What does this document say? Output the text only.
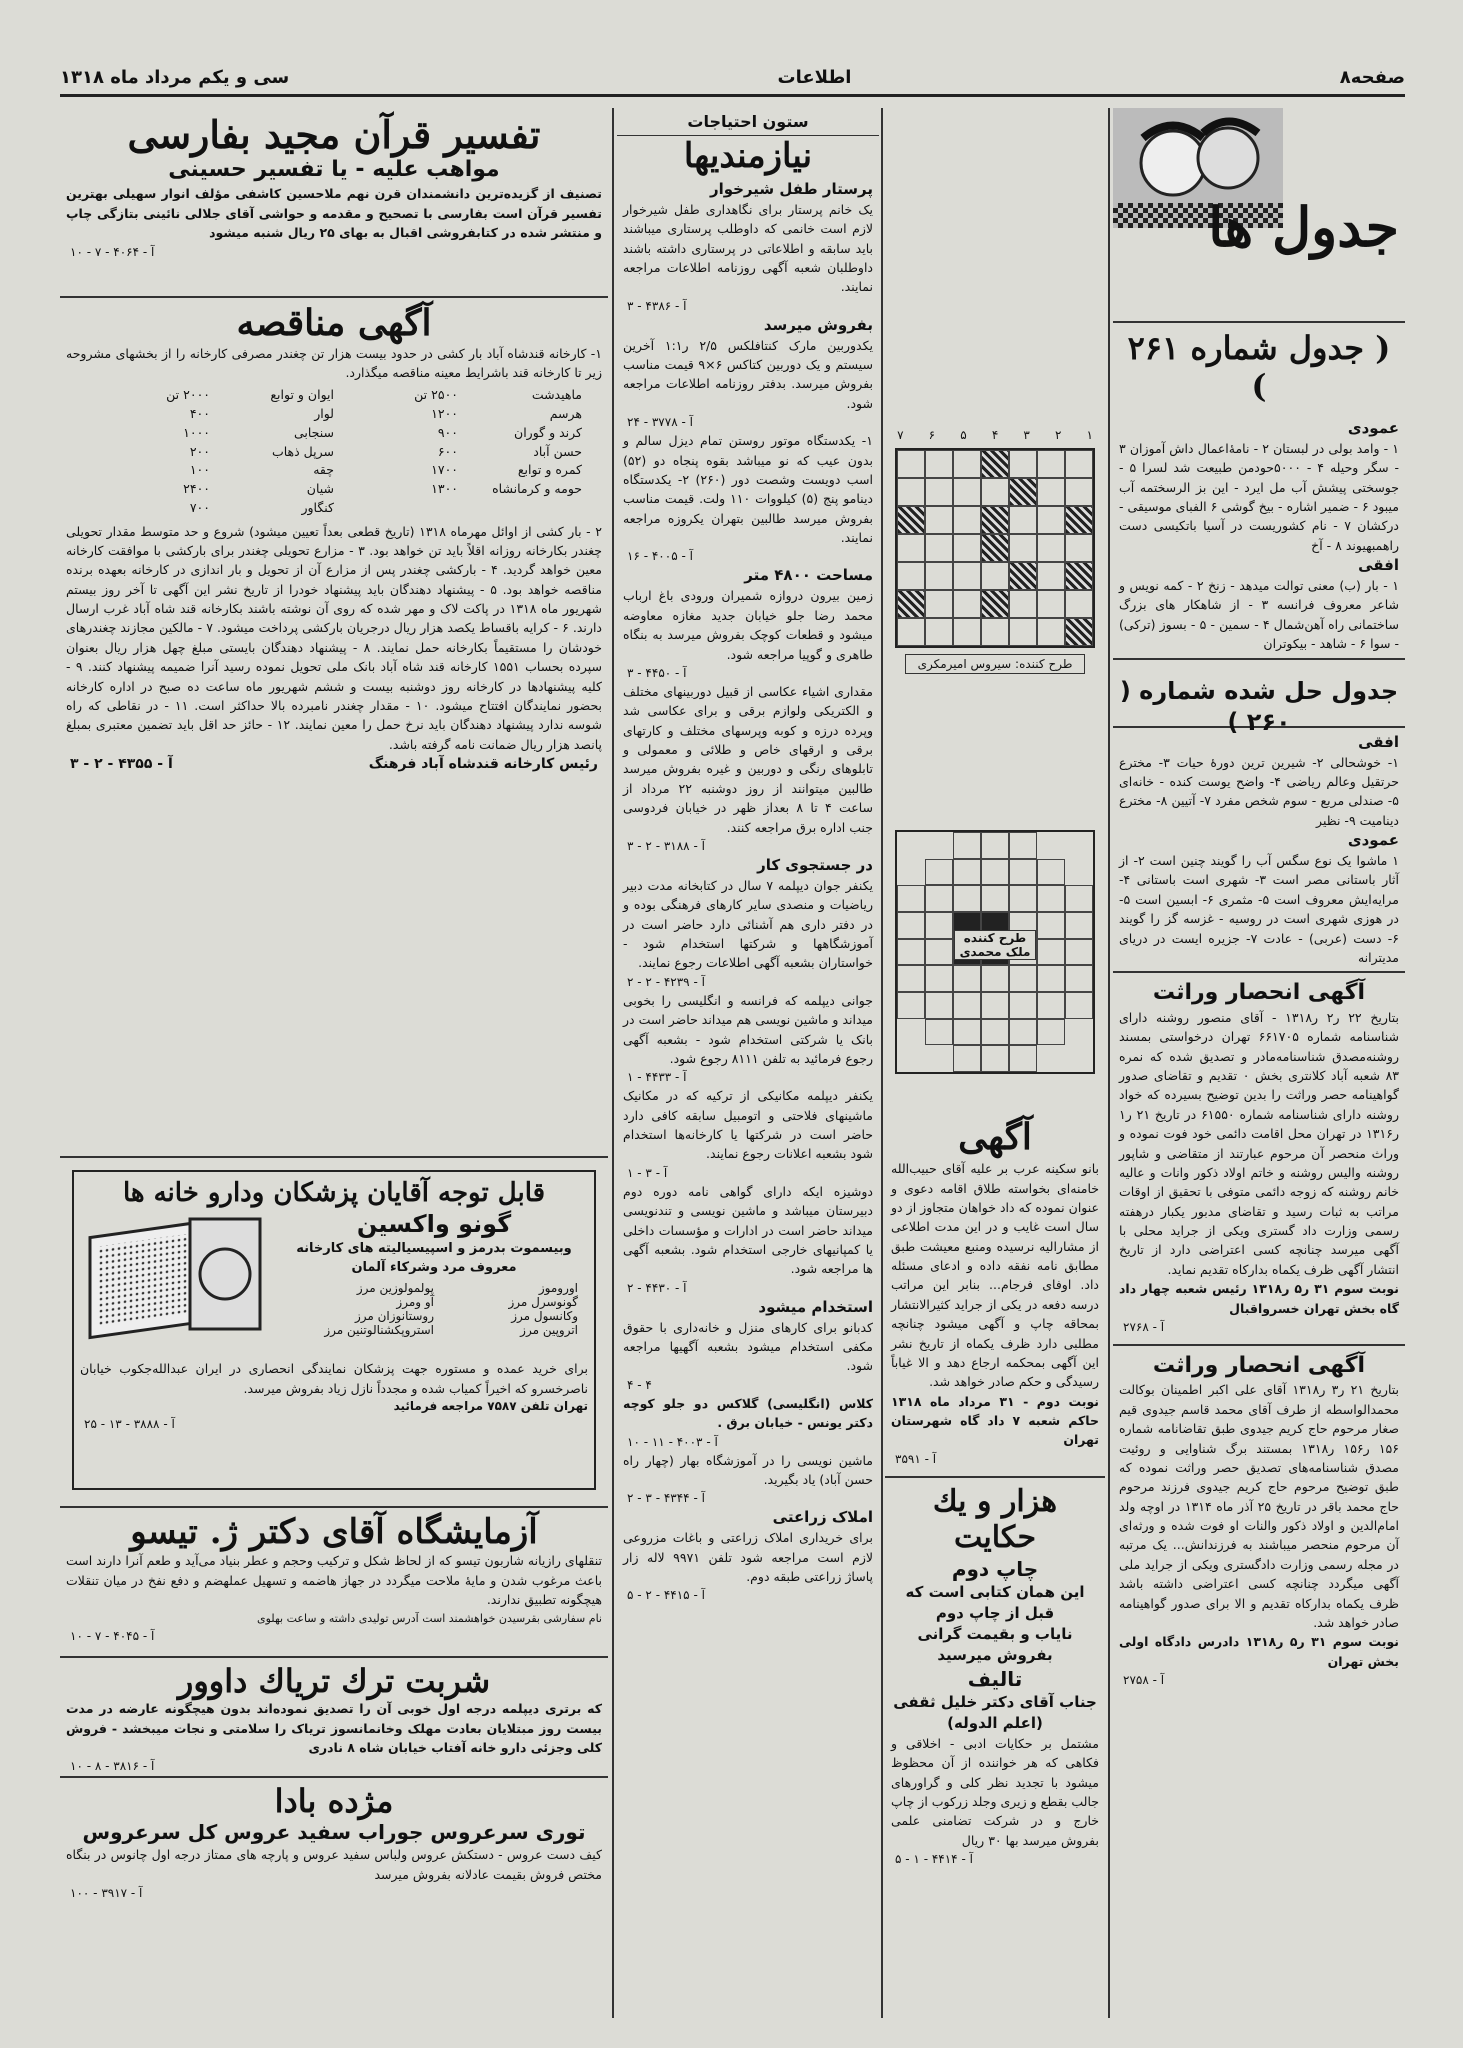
صفحه۸
اطلاعات
سی و یکم مرداد ماه ۱۳۱۸
جدول ها
( جدول شماره ۲۶۱ )
عمودی
۱ - وامد بولی در لبستان ۲ - نامۀاعمال داش آموزان ۳ - سگر وحیله ۴ - ۵۰۰۰حودمن طبیعت شد لسرا ۵ - جوسختی پیشش آب مل ایرد - این بز الرسختمه آب میبود ۶ - ضمیر اشاره - بیخ گوشی ۶ الفبای موسیقی - درکشان ۷ - نام کشوریست در آسیا باتکیسی دست راهمبهیوند ۸ - آخ
افقی
۱ - بار (ب) معنی توالت میدهد - زنخ ۲ - کمه نویس و شاعر معروف فرانسه ۳ - از شاهکار های بزرگ ساختمانی راه آهن‌شمال ۴ - سمین - ۵ - بسوز (ترکی) - سوا ۶ - شاهد - بیکوتران
جدول حل شده شماره ( ۲۶۰ )
افقی
۱- خوشحالی ۲- شیرین ترین دورۀ حیات ۳- مخترع حرتقیل وعالم ریاضی ۴- واضح یوست کنده - خانه‌ای ۵- صندلی مربع - سوم شخص مفرد ۷- آتیین ۸- مخترع دینامیت ۹- نظیر
عمودی
۱ ماشوا یک نوع سگس آب را گویند چنین است ۲- از آثار باستانی مصر است ۳- شهری است باستانی ۴- مرایه‌ایش معروف است ۵- مثمری ۶- ابسین است ۵- در هوزی شهری است در روسیه - غزسه گز را گویند ۶- دست (عربی) - عادت ۷- جزیره ایست در دریای مدیترانه
آگهی انحصار وراثت
بتاریخ ۲۲ ر۲ ر۱۳۱۸ - آقای منصور روشنه دارای شناسنامه شماره ۶۶۱۷۰۵ تهران درخواستی بمسند روشنه‌مصدق شناسنامه‌مادر و تصدیق شده که نمره ۸۳ شعبه آباد کلانتری بخش ۰ تقدیم و تقاضای صدور گواهینامه حصر وراثت را بدین توضیح بسیرده که خواد روشنه دارای شناسنامه شماره ۶۱۵۵۰ در تاریخ ۲۱ ر۱ ر۱۳۱۶ در تهران محل اقامت دائمی خود فوت نموده و وراث منحصر آن مرحوم عبارتند از متقاضی و شاپور روشنه والیس روشنه و خاتم اولاد ذکور وانات و عالیه خانم روشنه که زوجه دائمی متوفی با تحقیق از اوقات مراتب به ثبات رسید و تقاضای مدبور یکبار درهفته رسمی وزارت داد گستری ویکی از جراید محلی با آگهی میرسد چنانچه کسی اعتراضی دارد از تاریخ انتشار آگهی ظرف یکماه بدارکاه تقدیم نماید.
نوبت سوم ۳۱ ر۵ ر۱۳۱۸ رئیس شعبه چهار داد گاه بخش تهران خسرواقبال
آ - ۲۷۶۸
آگهی انحصار وراثت
بتاریخ ۲۱ ر۳ ر۱۳۱۸ آقای علی اکبر اطمینان بوکالت محمدالواسطه از طرف آقای محمد قاسم جیدوی قیم صغار مرحوم حاج کریم جیدوی طبق تقاضانامه شماره ۱۵۶ ر۱۵۶ ر۱۳۱۸ بمستند برگ شناوایی و روئیت مصدق شناسنامه‌های تصدیق حصر وراثت نموده که طبق توضیح مرحوم حاج کریم جیدوی فرزند مرحوم حاج محمد باقر در تاریخ ۲۵ آذر ماه ۱۳۱۴ در اوچه ولد امام‌الدین و اولاد ذکور والنات او فوت شده و ورثه‌ای آن مرحوم منحصر میباشند به فرزندانش... یک مرتبه در مجله رسمی وزارت دادگستری ویکی از جراید ملی آگهی میگردد چنانچه کسی اعتراضی داشته باشد ظرف یکماه بدارکاه تقدیم و الا برای صدور گواهینامه صادر خواهد شد.
نوبت سوم ۳۱ ر۵ ر۱۳۱۸ دادرس دادگاه اولی بخش تهران
آ - ۲۷۵۸
۱
۲
۳
۴
۵
۶
۷
طرح کننده: سیروس امیرمکری
طرح کننده ملک محمدی
آگهی
بانو سکینه عرب بر علیه آقای حبیب‌الله خامنه‌ای بخواسته طلاق اقامه دعوی و عنوان نموده که داد خواهان متجاوز از دو سال است غایب و در این مدت اطلاعی از مشاراليه نرسیده ومنبع معیشت طبق مطابق نامه نفقه داده و ادعای مسئله داد. اوفای فرجام... بنابر این مراتب درسه دفعه در یکی از جراید کثیرالانتشار بمحاقه چاپ و آگهی میشود چنانچه مطلبی دارد ظرف یکماه از تاریخ نشر این آگهی بمحکمه ارجاع دهد و الا غیاباً رسیدگی و حکم صادر خواهد شد.
نوبت دوم - ۳۱ مرداد ماه ۱۳۱۸ حاکم شعبه ۷ داد گاه شهرستان تهران
آ - ۳۵۹۱
هزار و یك حكایت
چاپ دوم
این همان کتابی است که قبل از چاپ دوم
نایاب و بقیمت گرانی بفروش میرسید
تالیف
جناب آقای دکتر خلیل ثقفی (اعلم الدوله)
مشتمل بر حکایات ادبی - اخلاقی و فکاهی که هر خواننده از آن محظوظ میشود با تجدید نظر کلی و گراورهای جالب بقطع و زیری وجلد زرکوب از چاپ خارج و در شرکت تضامنی علمی بفروش میرسد بها ۳۰ ریال
آ - ۴۴۱۴ - ۱ - ۵
ستون احتیاجات
نیازمندیها
پرستار طفل شیرخوار
یک خانم پرستار برای نگاهداری طفل شیرخوار لازم است خانمی که داوطلب پرستاری میباشند باید سابقه و اطلاعاتی در پرستاری داشته باشند داوطلبان شعبه آگهی روزنامه اطلاعات مراجعه نمایند.
آ - ۴۳۸۶ - ۳
بفروش میرسد
یکدوربین مارک کنتافلکس ۲/۵ ر۱:۱ آخرین سیستم و یک دوربین کتاکس ۶×۹ قیمت مناسب بفروش میرسد. بدفتر روزنامه اطلاعات مراجعه شود.
آ - ۳۷۷۸ - ۲۴
۱- یکدستگاه موتور روستن تمام دیزل سالم و بدون عیب که نو میباشد بقوه پنجاه دو (۵۲) اسب دویست وشصت دور (۲۶۰) ۲- یکدستگاه دینامو پنج (۵) کیلووات ۱۱۰ ولت. قیمت مناسب بفروش میرسد طالبین بتهران یکروزه مراجعه نمایند.
آ - ۴۰۰۵ - ۱۶
مساحت ۴۸۰۰ متر
زمین بیرون دروازه شمیران ورودی باغ ارباب محمد رضا جلو خیابان جدید مغازه معاوضه میشود و قطعات کوچک بفروش میرسد به بنگاه طاهری و گوپیا مراجعه شود.
آ - ۴۴۵۰ - ۳
مقداری اشیاء عکاسی از قبیل دوربینهای مختلف و الکتریکی ولوازم برقی و برای عکاسی شد وپرده درزه و کوبه وپرسهای مختلف و کارتهای برقی و ارقهای خاص و طلائی و معمولی و تابلوهای رنگی و دوربین و غیره بفروش میرسد طالبین میتوانند از روز دوشنبه ۲۲ مرداد از ساعت ۴ تا ۸ بعداز ظهر در خیابان فردوسی جنب اداره برق مراجعه کنند.
آ - ۳۱۸۸ - ۲ - ۳
در جستجوی کار
یکنفر جوان دیپلمه ۷ سال در کتابخانه مدت دبیر ریاضیات و منصدی سایر کارهای فرهنگی بوده و در دفتر داری هم آشنائی دارد حاضر است در آموزشگاهها و شرکتها استخدام شود - خواستاران بشعبه آگهی اطلاعات رجوع نمایند.
آ - ۴۲۳۹ - ۲ - ۲
جوانی دیپلمه که فرانسه و انگلیسی را بخوبی میداند و ماشین نویسی هم میداند حاضر است در بانک یا شرکتی استخدام شود - بشعبه آگهی رجوع فرمائید به تلفن ۸۱۱۱ رجوع شود.
آ - ۴۴۳۳ - ۱
یکنفر دیپلمه مکانیکی از ترکیه که در مکانیک ماشینهای فلاحتی و اتومبیل سابقه کافی دارد حاضر است در شرکتها یا کارخانه‌ها استخدام شود بشعبه اعلانات رجوع نمایند.
آ - ۳ - ۱
دوشیزه ایکه دارای گواهی نامه دوره دوم دبیرستان میباشد و ماشین نویسی و تندنویسی میداند حاضر است در ادارات و مؤسسات داخلی یا کمپانیهای خارجی استخدام شود. بشعبه آگهی ها مراجعه شود.
آ - ۴۴۳۰ - ۲
استخدام میشود
کدبانو برای کارهای منزل و خانه‌داری با حقوق مکفی استخدام میشود بشعبه آگهیها مراجعه شود.
۴ - ۴
کلاس (انگلیسی) گلاکس دو جلو کوچه دکتر یونس - خیابان برق .
آ - ۴۰۰۳ - ۱۱ - ۱۰
ماشین نویسی را در آموزشگاه بهار (چهار راه حسن آباد) یاد بگیرید.
آ - ۴۳۴۴ - ۳ - ۲
املاک زراعتی
برای خریداری املاک زراعتی و باغات مزروعی لازم است مراجعه شود تلفن ۹۹۷۱ لاله زار پاساژ زراعتی طبقه دوم.
آ - ۴۴۱۵ - ۲ - ۵
تفسیر قرآن مجید بفارسی
مواهب علیه - یا تفسیر حسینی
تصنیف از گزیده‌ترین دانشمندان قرن نهم ملاحسین کاشفی مؤلف انوار سهیلی بهترین تفسیر قرآن است بفارسی با تصحیح و مقدمه و حواشی آقای جلالی نائینی بتازگی چاپ و منتشر شده در کتابفروشی اقبال به بهای ۲۵ ریال شنبه میشود
آ - ۴۰۶۴ - ۷ - ۱۰
آگهی مناقصه
۱- کارخانه قندشاه آباد بار کشی در حدود بیست هزار تن چغندر مصرفی کارخانه را از بخشهای مشروحه زیر تا کارخانه قند باشرایط معینه مناقصه میگذارد.
ماهیدشت
۲۵۰۰ تن
ایوان و توابع
۲۰۰۰ تن
هرسم
۱۲۰۰
لوار
۴۰۰
کرند و گوران
۹۰۰
سنجابی
۱۰۰۰
حسن آباد
۶۰۰
سرپل ذهاب
۲۰۰
کمره و توابع
۱۷۰۰
چقه
۱۰۰
حومه و کرمانشاه
۱۳۰۰
شیان
۲۴۰۰
کنگاور
۷۰۰
۲ - بار کشی از اوائل مهرماه ۱۳۱۸ (تاریخ قطعی بعداً تعیین میشود) شروع و حد متوسط مقدار تحویلی چغندر بکارخانه روزانه اقلاً باید تن خواهد بود. ۳ - مزارع تحویلی چغندر برای بارکشی با موافقت کارخانه معین خواهد گردید. ۴ - بارکشی چغندر پس از مزارع آن از تحویل و بار اندازی در کارخانه بعهده برنده مناقصه خواهد بود. ۵ - پیشنهاد دهندگان باید پیشنهاد خودرا از تاریخ نشر این آگهی تا آخر روز بیستم شهریور ماه ۱۳۱۸ در پاکت لاک و مهر شده که روی آن نوشته باشند بکارخانه قند شاه آباد غرب ارسال دارند. ۶ - کرایه باقساط یکصد هزار ریال درجریان بارکشی پرداخت میشود. ۷ - مالکین مجازند چغندرهای خودشان را مستقیماً بکارخانه حمل نمایند. ۸ - پیشنهاد دهندگان بایستی مبلغ چهل هزار ریال بعنوان سپرده بحساب ۱۵۵۱ کارخانه قند شاه آباد بانک ملی تحویل نموده رسید آنرا ضمیمه پیشنهاد کنند. ۹ - کلیه پیشنهادها در کارخانه روز دوشنبه بیست و ششم شهریور ماه ساعت ده صبح در اداره کارخانه بحضور نمایندگان افتتاح میشود. ۱۰ - مقدار چغندر نامبرده بالا حداکثر است. ۱۱ - در نقاطی که راه شوسه ندارد پیشنهاد دهندگان باید نرخ حمل را معین نمایند. ۱۲ - حائز حد اقل باید تضمین معتبری بمبلغ پانصد هزار ریال ضمانت نامه گرفته باشد.
آ - ۴۳۵۵ - ۲ - ۳	رئیس کارخانه قندشاه آباد فرهنگ
قابل توجه آقایان پزشکان ودارو خانه ها
گونو واکسین
وبیسموت بدرمز و اسپیسیالیته های کارخانه معروف مرد وشرکاء آلمان
اوروموز
پولمولوزین مرز
گونوسرل مرز
آو ومرز
وکانسول مرز
روستانوزان مرز
اتروپین مرز
استروپکشنالوتنین مرز
برای خرید عمده و مستوره جهت پزشکان نمایندگی انحصاری در ایران عبدالله‌جکوب خیابان ناصرخسرو که اخیراً کمیاب شده و مجدداً نازل زیاد بفروش میرسد.
تهران تلفن ۷۵۸۷ مراجعه فرمائید
آ - ۳۸۸۸ - ۱۳ - ۲۵
آزمایشگاه آقای دکتر ژ. تیسو
تنقلهای رازیانه شاربون تیسو که از لحاظ شکل و ترکیب وحجم و عطر بنیاد می‌آید و طعم آنرا دارند است باعث مرغوب شدن و مایۀ ملاحت میگردد در جهاز هاضمه و تسهیل عملهضم و دفع نفخ در میان تنقلات هیچگونه تطبیق ندارند.
نام سفارشی بقرسیدن خواهشمند است آدرس تولیدی داشته و ساعت بهلوی
آ - ۴۰۴۵ - ۷ - ۱۰
شربت ترك تریاك داوور
که برتری دیپلمه درجه اول خوبی آن را تصدیق نموده‌اند بدون هیچگونه عارضه در مدت بیست روز مبتلایان بعادت مهلک وخانمانسوز تریاک را سلامتی و نجات میبخشد - فروش کلی وجزئی دارو خانه آفتاب خیابان شاه ۸ نادری
آ - ۳۸۱۶ - ۸ - ۱۰
مژده بادا
توری سرعروس جوراب سفید عروس کل سرعروس
کیف دست عروس - دستکش عروس ولباس سفید عروس و پارچه های ممتاز درجه اول چانوس در بنگاه مختص فروش بقیمت عادلانه بفروش میرسد
آ - ۳۹۱۷ - ۱۰۰
